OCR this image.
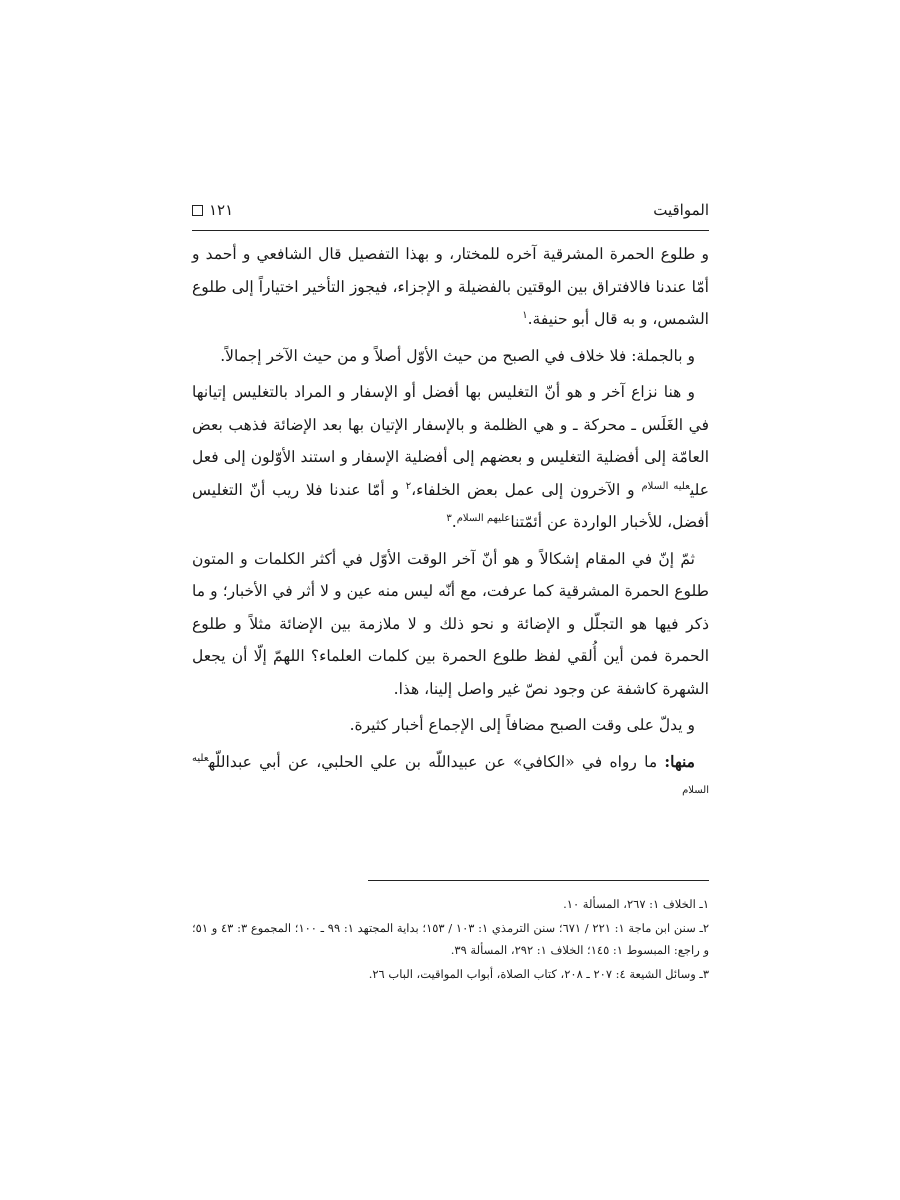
المواقيت
١٢١

و طلوع الحمرة المشرقية آخره للمختار، و بهذا التفصيل قال الشافعي و أحمد و أمّا عندنا فالافتراق بين الوقتين بالفضيلة و الإجزاء، فيجوز التأخير اختياراً إلى طلوع الشمس، و به قال أبو حنيفة.$^١$

و بالجملة: فلا خلاف في الصبح من حيث الأوّل أصلاً و من حيث الآخر إجمالاً.

و هنا نزاع آخر و هو أنّ التغليس بها أفضل أو الإسفار و المراد بالتغليس إتيانها في الغَلَس ـ محركة ـ و هي الظلمة و بالإسفار الإتيان بها بعد الإضائة فذهب بعض العامّة إلى أفضلية التغليس و بعضهم إلى أفضلية الإسفار و استند الأوّلون إلى فعل علي$^{عليه السلام}$ و الآخرون إلى عمل بعض الخلفاء،$^٢$ و أمّا عندنا فلا ريب أنّ التغليس أفضل، للأخبار الواردة عن أئمّتنا$^{عليهم السلام}$.$^٣$

ثمّ إنّ في المقام إشكالاً و هو أنّ آخر الوقت الأوّل في أكثر الكلمات و المتون طلوع الحمرة المشرقية كما عرفت، مع أنّه ليس منه عين و لا أثر في الأخبار؛ و ما ذكر فيها هو التجلّل و الإضائة و نحو ذلك و لا ملازمة بين الإضائة مثلاً و طلوع الحمرة فمن أين أُلقي لفظ طلوع الحمرة بين كلمات العلماء؟ اللهمّ إلّا أن يجعل الشهرة كاشفة عن وجود نصّ غير واصل إلينا، هذا.

و يدلّ على وقت الصبح مضافاً إلى الإجماع أخبار كثيرة.

منها: ما رواه في «الكافي» عن عبيداللّه بن علي الحلبي، عن أبي عبداللّه$^{عليه السلام}$

١ـ الخلاف ١: ٢٦٧، المسألة ١٠.

٢ـ سنن ابن ماجة ١: ٢٢١ / ٦٧١؛ سنن الترمذي ١: ١٠٣ / ١٥٣؛ بداية المجتهد ١: ٩٩ ـ ١٠٠؛ المجموع ٣: ٤٣ و ٥١؛ و راجع: المبسوط ١: ١٤٥؛ الخلاف ١: ٢٩٢، المسألة ٣٩.

٣ـ وسائل الشيعة ٤: ٢٠٧ ـ ٢٠٨، كتاب الصلاة، أبواب المواقيت، الباب ٢٦.
